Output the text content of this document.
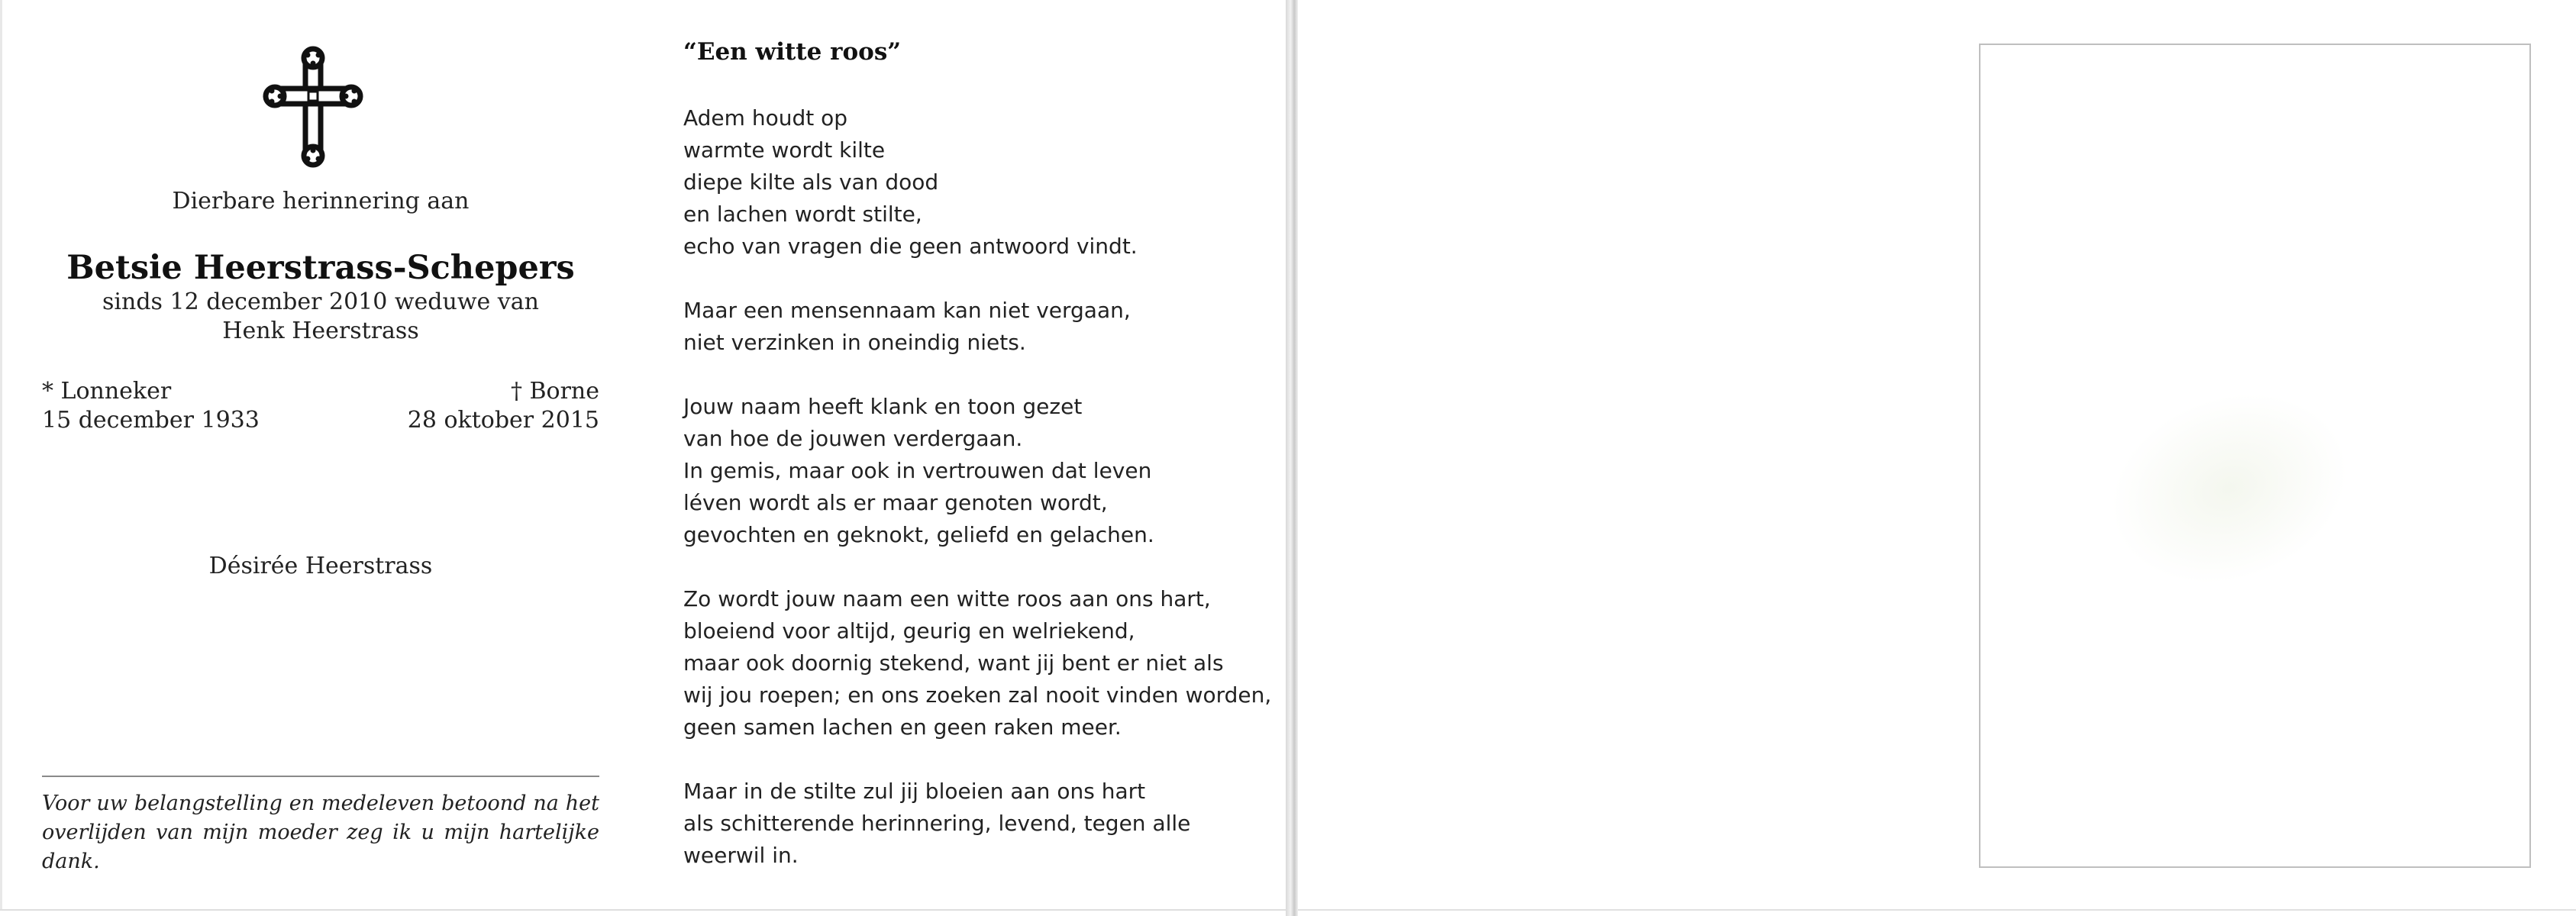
Dierbare herinnering aan
Betsie Heerstrass-Schepers
sinds 12 december 2010 weduwe van
Henk Heerstrass
* Lonneker
15 december 1933
† Borne
28 oktober 2015
Désirée Heerstrass
Voor uw belangstelling en medeleven betoond na het overlijden van mijn moeder zeg ik u mijn hartelijke dank.
“Een witte roos”
Adem houdt op
warmte wordt kilte
diepe kilte als van dood
en lachen wordt stilte,
echo van vragen die geen antwoord vindt.
Maar een mensennaam kan niet vergaan,
niet verzinken in oneindig niets.
Jouw naam heeft klank en toon gezet
van hoe de jouwen verdergaan.
In gemis, maar ook in vertrouwen dat leven
léven wordt als er maar genoten wordt,
gevochten en geknokt, geliefd en gelachen.
Zo wordt jouw naam een witte roos aan ons hart,
bloeiend voor altijd, geurig en welriekend,
maar ook doornig stekend, want jij bent er niet als
wij jou roepen; en ons zoeken zal nooit vinden worden,
geen samen lachen en geen raken meer.
Maar in de stilte zul jij bloeien aan ons hart
als schitterende herinnering, levend, tegen alle
weerwil in.
